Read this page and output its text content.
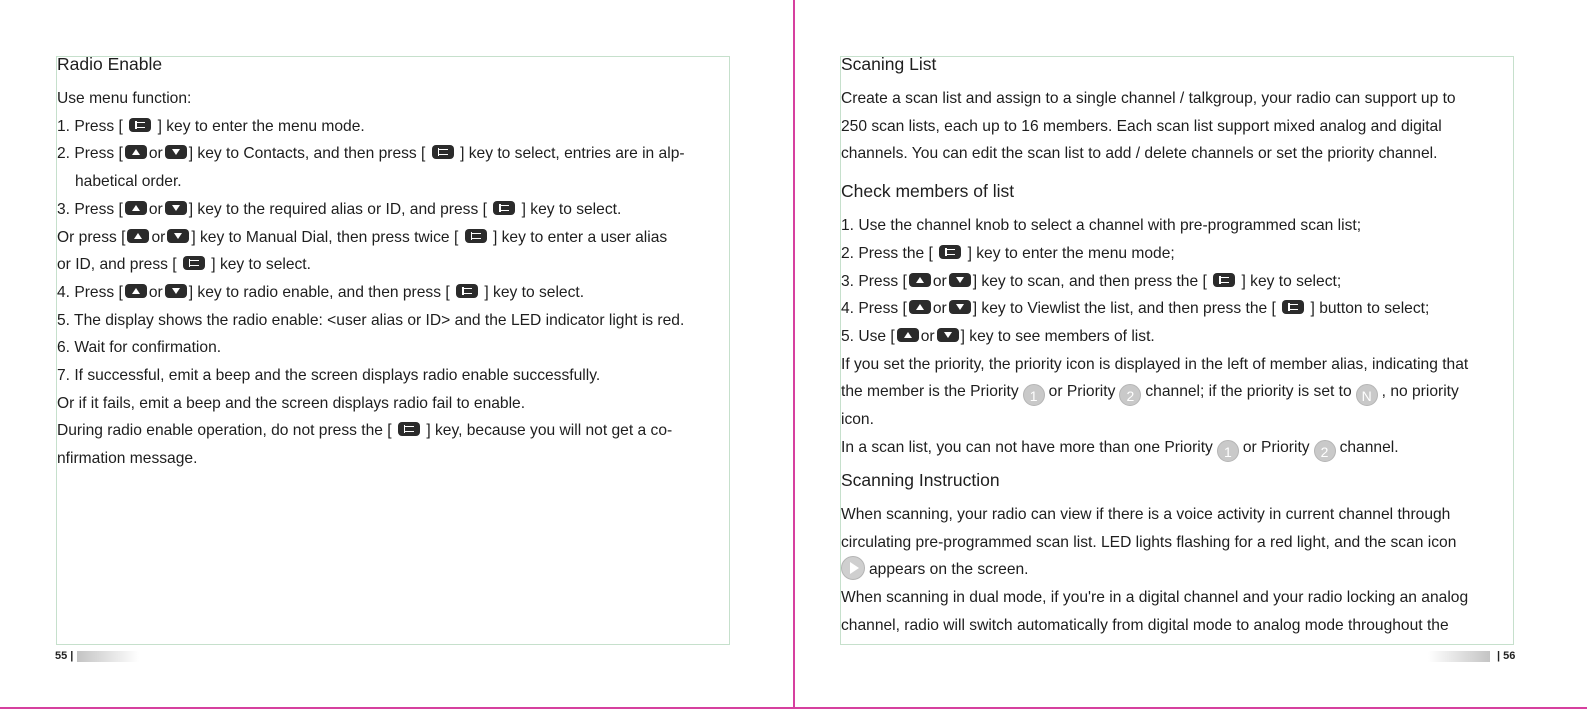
Radio Enable
Use menu function:
1. Press [ ] key to enter the menu mode.
2. Press [ or ] key to Contacts, and then press [ ] key to select, entries are in alp-
habetical order.
3. Press [ or ] key to the required alias or ID, and press [ ] key to select.
Or press [ or ] key to Manual Dial, then press twice [ ] key to enter a user alias
or ID, and press [ ] key to select.
4. Press [ or ] key to radio enable, and then press [ ] key to select.
5. The display shows the radio enable: <user alias or ID> and the LED indicator light is red.
6. Wait for confirmation.
7. If successful, emit a beep and the screen displays radio enable successfully.
Or if it fails, emit a beep and the screen displays radio fail to enable.
During radio enable operation, do not press the [ ] key, because you will not get a co-
nfirmation message.
Scaning List
Create a scan list and assign to a single channel / talkgroup, your radio can support up to
250 scan lists, each up to 16 members. Each scan list support mixed analog and digital
channels. You can edit the scan list to add / delete channels or set the priority channel.
Check members of list
1. Use the channel knob to select a channel with pre-programmed scan list;
2. Press the [ ] key to enter the menu mode;
3. Press [ or ] key to scan, and then press the [ ] key to select;
4. Press [ or ] key to Viewlist the list, and then press the [ ] button to select;
5. Use [ or ] key to see members of list.
If you set the priority, the priority icon is displayed in the left of member alias, indicating that
the member is the Priority 1 or Priority 2 channel; if the priority is set to N , no priority
icon.
In a scan list, you can not have more than one Priority 1 or Priority 2 channel.
Scanning Instruction
When scanning, your radio can view if there is a voice activity in current channel through
circulating pre-programmed scan list. LED lights flashing for a red light, and the scan icon
appears on the screen.
When scanning in dual mode, if you're in a digital channel and your radio locking an analog
channel, radio will switch automatically from digital mode to analog mode throughout the
55 |	| 56
